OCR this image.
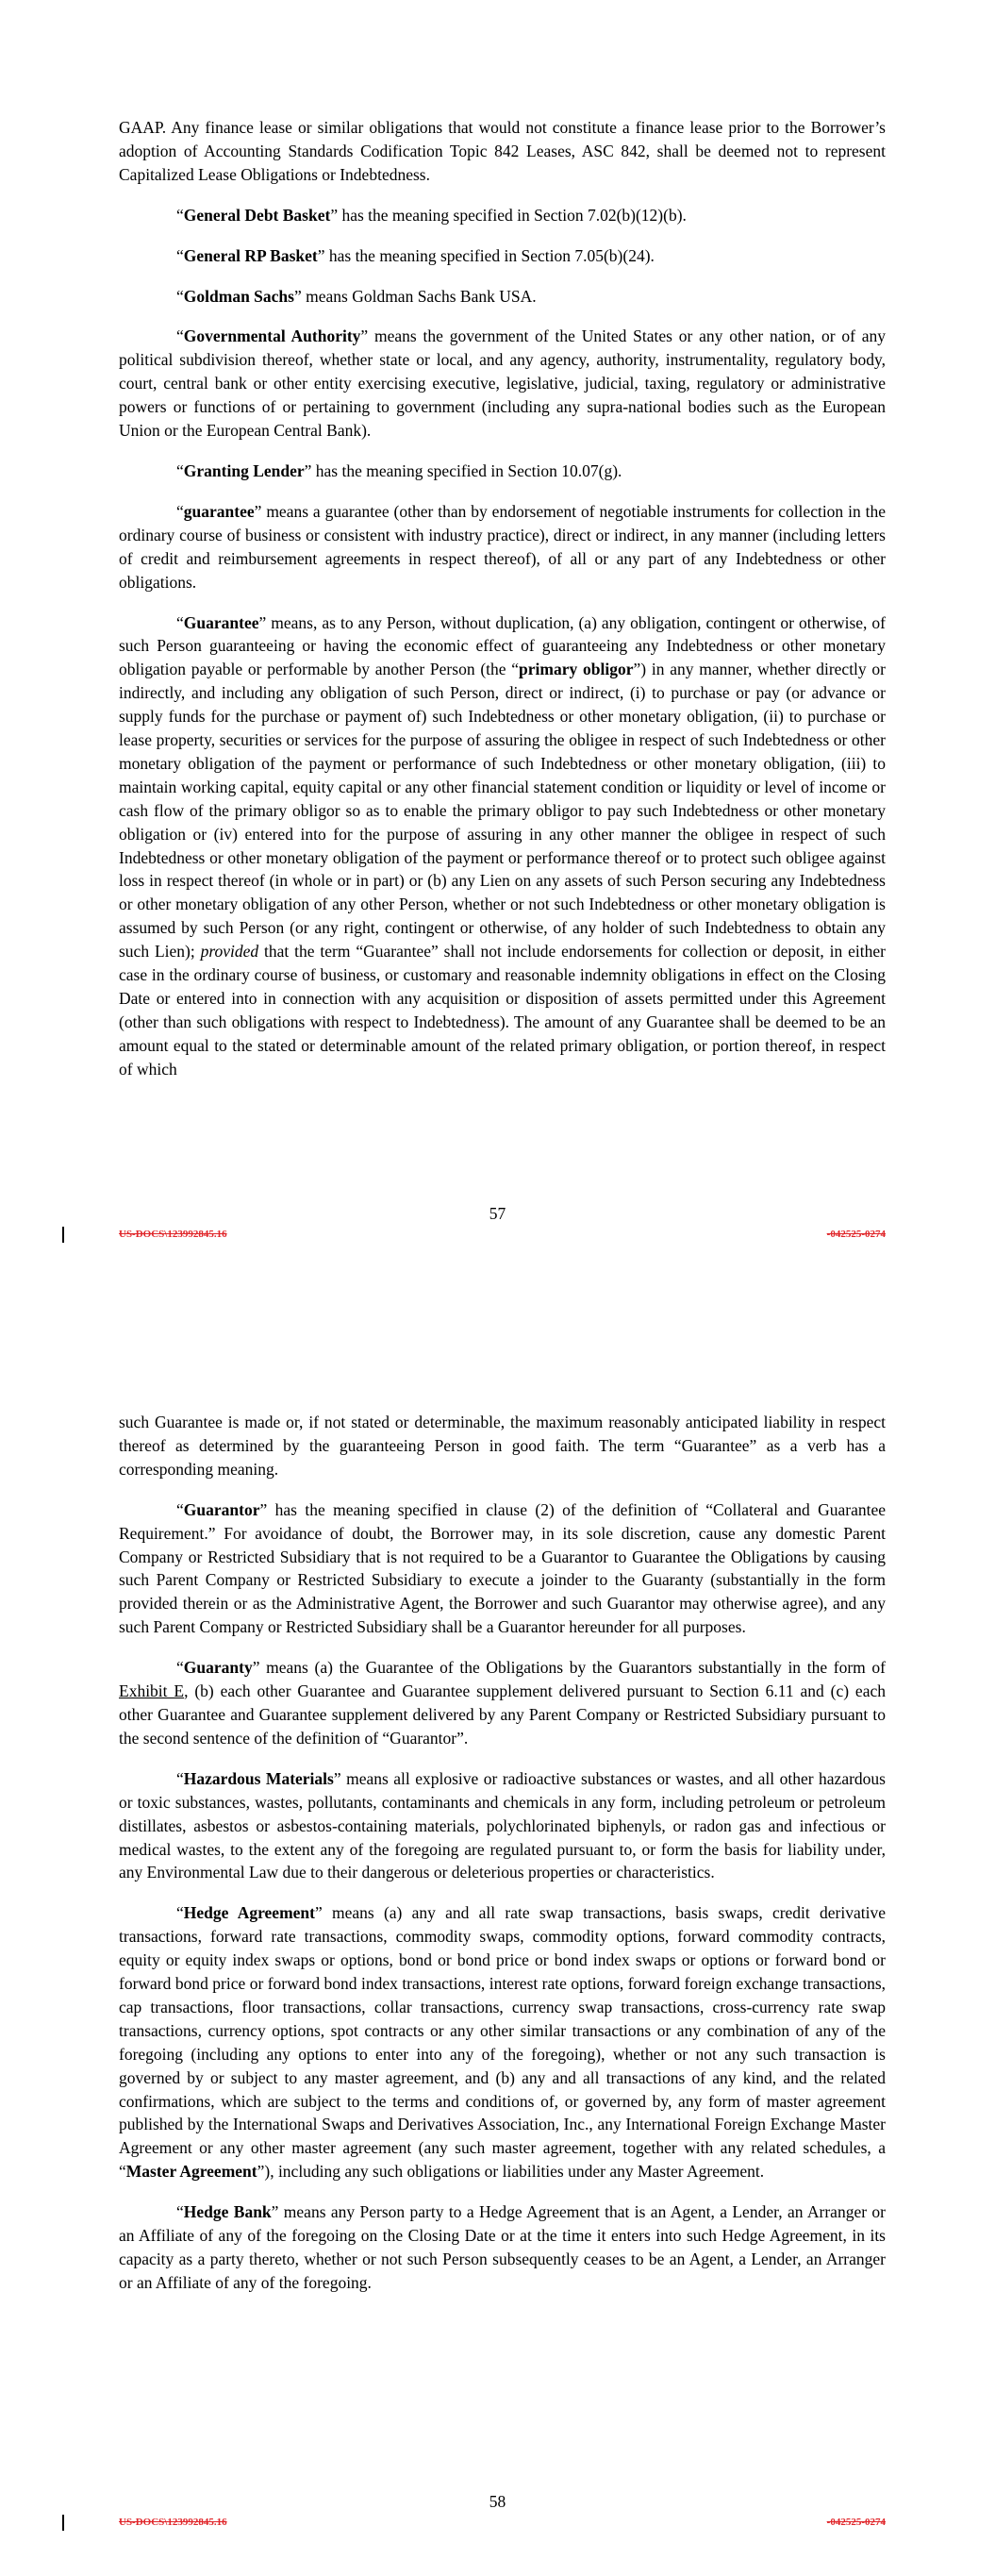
GAAP. Any finance lease or similar obligations that would not constitute a finance lease prior to the Borrower’s adoption of Accounting Standards Codification Topic 842 Leases, ASC 842, shall be deemed not to represent Capitalized Lease Obligations or Indebtedness.

“General Debt Basket” has the meaning specified in Section 7.02(b)(12)(b).

“General RP Basket” has the meaning specified in Section 7.05(b)(24).

“Goldman Sachs” means Goldman Sachs Bank USA.

“Governmental Authority” means the government of the United States or any other nation, or of any political subdivision thereof, whether state or local, and any agency, authority, instrumentality, regulatory body, court, central bank or other entity exercising executive, legislative, judicial, taxing, regulatory or administrative powers or functions of or pertaining to government (including any supra-national bodies such as the European Union or the European Central Bank).

“Granting Lender” has the meaning specified in Section 10.07(g).

“guarantee” means a guarantee (other than by endorsement of negotiable instruments for collection in the ordinary course of business or consistent with industry practice), direct or indirect, in any manner (including letters of credit and reimbursement agreements in respect thereof), of all or any part of any Indebtedness or other obligations.

“Guarantee” means, as to any Person, without duplication, (a) any obligation, contingent or otherwise, of such Person guaranteeing or having the economic effect of guaranteeing any Indebtedness or other monetary obligation payable or performable by another Person (the “primary obligor”) in any manner, whether directly or indirectly, and including any obligation of such Person, direct or indirect, (i) to purchase or pay (or advance or supply funds for the purchase or payment of) such Indebtedness or other monetary obligation, (ii) to purchase or lease property, securities or services for the purpose of assuring the obligee in respect of such Indebtedness or other monetary obligation of the payment or performance of such Indebtedness or other monetary obligation, (iii) to maintain working capital, equity capital or any other financial statement condition or liquidity or level of income or cash flow of the primary obligor so as to enable the primary obligor to pay such Indebtedness or other monetary obligation or (iv) entered into for the purpose of assuring in any other manner the obligee in respect of such Indebtedness or other monetary obligation of the payment or performance thereof or to protect such obligee against loss in respect thereof (in whole or in part) or (b) any Lien on any assets of such Person securing any Indebtedness or other monetary obligation of any other Person, whether or not such Indebtedness or other monetary obligation is assumed by such Person (or any right, contingent or otherwise, of any holder of such Indebtedness to obtain any such Lien); provided that the term “Guarantee” shall not include endorsements for collection or deposit, in either case in the ordinary course of business, or customary and reasonable indemnity obligations in effect on the Closing Date or entered into in connection with any acquisition or disposition of assets permitted under this Agreement (other than such obligations with respect to Indebtedness). The amount of any Guarantee shall be deemed to be an amount equal to the stated or determinable amount of the related primary obligation, or portion thereof, in respect of which

57
US-DOCS\123992845.16	-042525-0274

such Guarantee is made or, if not stated or determinable, the maximum reasonably anticipated liability in respect thereof as determined by the guaranteeing Person in good faith. The term “Guarantee” as a verb has a corresponding meaning.

“Guarantor” has the meaning specified in clause (2) of the definition of “Collateral and Guarantee Requirement.” For avoidance of doubt, the Borrower may, in its sole discretion, cause any domestic Parent Company or Restricted Subsidiary that is not required to be a Guarantor to Guarantee the Obligations by causing such Parent Company or Restricted Subsidiary to execute a joinder to the Guaranty (substantially in the form provided therein or as the Administrative Agent, the Borrower and such Guarantor may otherwise agree), and any such Parent Company or Restricted Subsidiary shall be a Guarantor hereunder for all purposes.

“Guaranty” means (a) the Guarantee of the Obligations by the Guarantors substantially in the form of Exhibit E, (b) each other Guarantee and Guarantee supplement delivered pursuant to Section 6.11 and (c) each other Guarantee and Guarantee supplement delivered by any Parent Company or Restricted Subsidiary pursuant to the second sentence of the definition of “Guarantor”.

“Hazardous Materials” means all explosive or radioactive substances or wastes, and all other hazardous or toxic substances, wastes, pollutants, contaminants and chemicals in any form, including petroleum or petroleum distillates, asbestos or asbestos-containing materials, polychlorinated biphenyls, or radon gas and infectious or medical wastes, to the extent any of the foregoing are regulated pursuant to, or form the basis for liability under, any Environmental Law due to their dangerous or deleterious properties or characteristics.

“Hedge Agreement” means (a) any and all rate swap transactions, basis swaps, credit derivative transactions, forward rate transactions, commodity swaps, commodity options, forward commodity contracts, equity or equity index swaps or options, bond or bond price or bond index swaps or options or forward bond or forward bond price or forward bond index transactions, interest rate options, forward foreign exchange transactions, cap transactions, floor transactions, collar transactions, currency swap transactions, cross-currency rate swap transactions, currency options, spot contracts or any other similar transactions or any combination of any of the foregoing (including any options to enter into any of the foregoing), whether or not any such transaction is governed by or subject to any master agreement, and (b) any and all transactions of any kind, and the related confirmations, which are subject to the terms and conditions of, or governed by, any form of master agreement published by the International Swaps and Derivatives Association, Inc., any International Foreign Exchange Master Agreement or any other master agreement (any such master agreement, together with any related schedules, a “Master Agreement”), including any such obligations or liabilities under any Master Agreement.

“Hedge Bank” means any Person party to a Hedge Agreement that is an Agent, a Lender, an Arranger or an Affiliate of any of the foregoing on the Closing Date or at the time it enters into such Hedge Agreement, in its capacity as a party thereto, whether or not such Person subsequently ceases to be an Agent, a Lender, an Arranger or an Affiliate of any of the foregoing.

58
US-DOCS\123992845.16	-042525-0274
